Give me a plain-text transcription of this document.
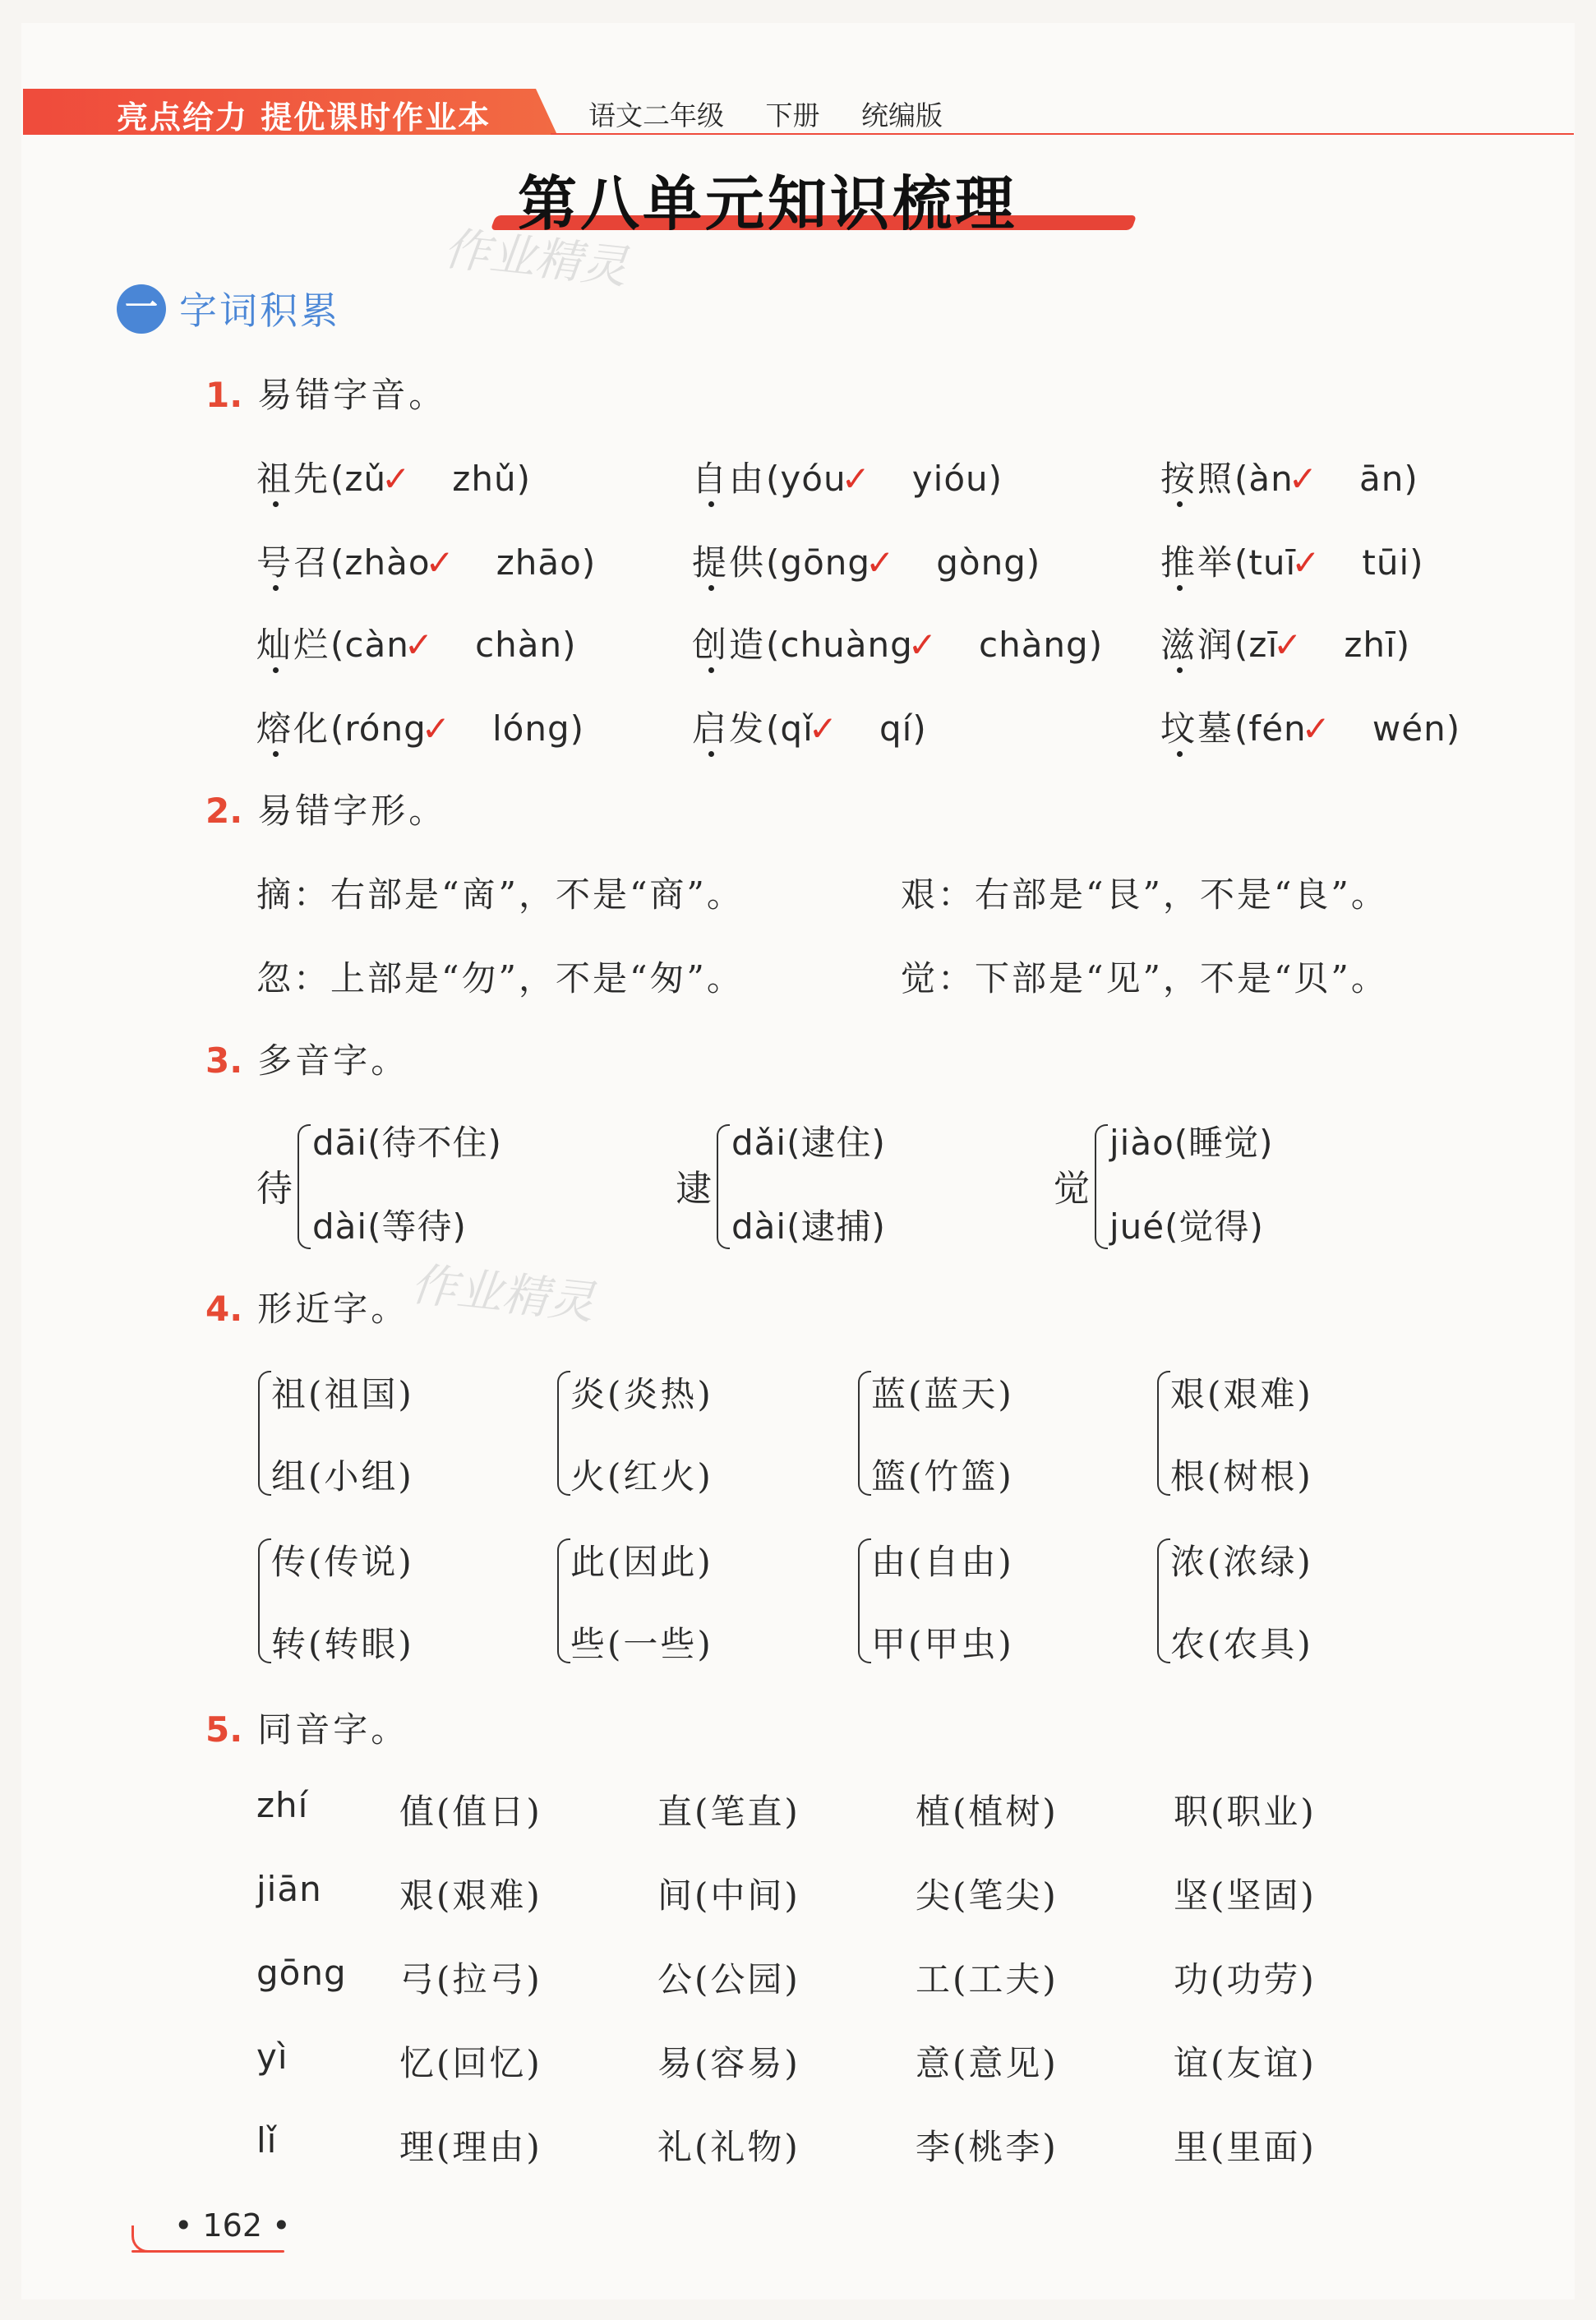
亮点给力 提优课时作业本	语文二年级 下册 统编版
第八单元知识梳理
作业精灵
作业精灵
一 字词积累
1. 易错字音。
祖先(zǔ✓ zhǔ)	自由(yóu✓ yióu)	按照(àn✓ ān)
号召(zhào✓ zhāo)	提供(gōng✓ gòng)	推举(tuī✓ tūi)
灿烂(càn✓ chàn)	创造(chuàng✓ chàng) 滋润(zī✓ zhī)
熔化(róng✓ lóng)	启发(qǐ✓ qí)	坟墓(fén✓ wén)
2. 易错字形。
摘：右部是“啇”，不是“商”。	艰：右部是“艮”，不是“良”。
忽：上部是“勿”，不是“匆”。	觉：下部是“见”，不是“贝”。
3. 多音字。
待
dāi(待不住)
dài(等待)
逮
dǎi(逮住)
dài(逮捕)
觉
jiào(睡觉)
jué(觉得)
4. 形近字。
祖(祖国)
组(小组)
炎(炎热)
火(红火)
蓝(蓝天)
篮(竹篮)
艰(艰难)
根(树根)
传(传说)
转(转眼)
此(因此)
些(一些)
由(自由)
甲(甲虫)
浓(浓绿)
农(农具)
5. 同音字。
zhí	值(值日)	直(笔直)	植(植树)	职(职业)
jiān 艰(艰难)	间(中间)	尖(笔尖)	坚(坚固)
gōng 弓(拉弓)	公(公园)	工(工夫)	功(功劳)
yì	忆(回忆)	易(容易)	意(意见)	谊(友谊)
lǐ	理(理由)	礼(礼物)	李(桃李)	里(里面)
• 162 •
